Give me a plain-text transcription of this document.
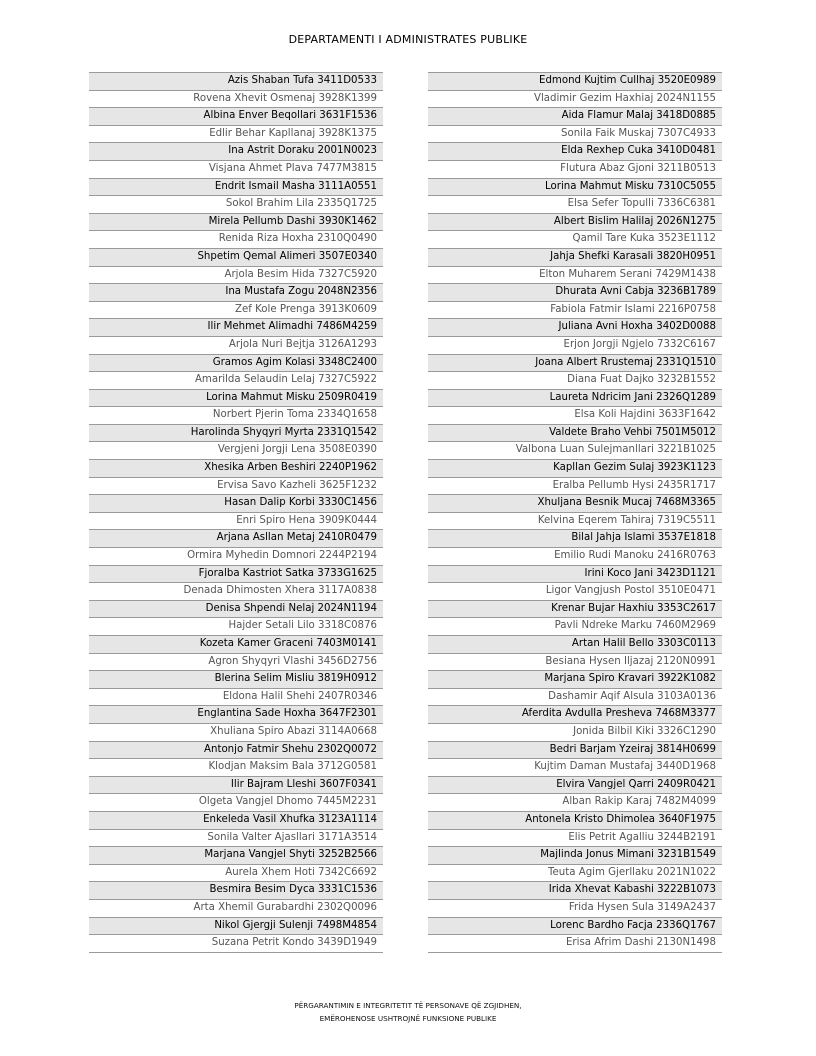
DEPARTAMENTI I ADMINISTRATES PUBLIKE
Azis Shaban Tufa 3411D0533
Rovena Xhevit Osmenaj 3928K1399
Albina Enver Beqollari 3631F1536
Edlir Behar Kapllanaj 3928K1375
Ina Astrit Doraku 2001N0023
Visjana Ahmet Plava 7477M3815
Endrit Ismail Masha 3111A0551
Sokol Brahim Lila 2335Q1725
Mirela Pellumb Dashi 3930K1462
Renida Riza Hoxha 2310Q0490
Shpetim Qemal Alimeri 3507E0340
Arjola Besim Hida 7327C5920
Ina Mustafa Zogu 2048N2356
Zef Kole Prenga 3913K0609
Ilir Mehmet Alimadhi 7486M4259
Arjola Nuri Bejtja 3126A1293
Gramos Agim Kolasi 3348C2400
Amarilda Selaudin Lelaj 7327C5922
Lorina Mahmut Misku 2509R0419
Norbert Pjerin Toma 2334Q1658
Harolinda Shyqyri Myrta 2331Q1542
Vergjeni Jorgji Lena 3508E0390
Xhesika Arben Beshiri 2240P1962
Ervisa Savo Kazheli 3625F1232
Hasan Dalip Korbi 3330C1456
Enri Spiro Hena 3909K0444
Arjana Asllan Metaj 2410R0479
Ormira Myhedin Domnori 2244P2194
Fjoralba Kastriot Satka 3733G1625
Denada Dhimosten Xhera 3117A0838
Denisa Shpendi Nelaj 2024N1194
Hajder Setali Lilo 3318C0876
Kozeta Kamer Graceni 7403M0141
Agron Shyqyri Vlashi 3456D2756
Blerina Selim Misliu 3819H0912
Eldona Halil Shehi 2407R0346
Englantina Sade Hoxha 3647F2301
Xhuliana Spiro Abazi 3114A0668
Antonjo Fatmir Shehu 2302Q0072
Klodjan Maksim Bala 3712G0581
Ilir Bajram Lleshi 3607F0341
Olgeta Vangjel Dhomo 7445M2231
Enkeleda Vasil Xhufka 3123A1114
Sonila Valter Ajasllari 3171A3514
Marjana Vangjel Shyti 3252B2566
Aurela Xhem Hoti 7342C6692
Besmira Besim Dyca 3331C1536
Arta Xhemil Gurabardhi 2302Q0096
Nikol Gjergji Sulenji 7498M4854
Suzana Petrit Kondo 3439D1949
Edmond Kujtim Cullhaj 3520E0989
Vladimir Gezim Haxhiaj 2024N1155
Aida Flamur Malaj 3418D0885
Sonila Faik Muskaj 7307C4933
Elda Rexhep Cuka 3410D0481
Flutura Abaz Gjoni 3211B0513
Lorina Mahmut Misku 7310C5055
Elsa Sefer Topulli 7336C6381
Albert Bislim Halilaj 2026N1275
Qamil Tare Kuka 3523E1112
Jahja Shefki Karasali 3820H0951
Elton Muharem Serani 7429M1438
Dhurata Avni Cabja 3236B1789
Fabiola Fatmir Islami 2216P0758
Juliana Avni Hoxha 3402D0088
Erjon Jorgji Ngjelo 7332C6167
Joana Albert Rrustemaj 2331Q1510
Diana Fuat Dajko 3232B1552
Laureta Ndricim Jani 2326Q1289
Elsa Koli Hajdini 3633F1642
Valdete Braho Vehbi 7501M5012
Valbona Luan Sulejmanllari 3221B1025
Kapllan Gezim Sulaj 3923K1123
Eralba Pellumb Hysi 2435R1717
Xhuljana Besnik Mucaj 7468M3365
Kelvina Eqerem Tahiraj 7319C5511
Bilal Jahja Islami 3537E1818
Emilio Rudi Manoku 2416R0763
Irini Koco Jani 3423D1121
Ligor Vangjush Postol 3510E0471
Krenar Bujar Haxhiu 3353C2617
Pavli Ndreke Marku 7460M2969
Artan Halil Bello 3303C0113
Besiana Hysen Iljazaj 2120N0991
Marjana Spiro Kravari 3922K1082
Dashamir Aqif Alsula 3103A0136
Aferdita Avdulla Presheva 7468M3377
Jonida Bilbil Kiki 3326C1290
Bedri Barjam Yzeiraj 3814H0699
Kujtim Daman Mustafaj 3440D1968
Elvira Vangjel Qarri 2409R0421
Alban Rakip Karaj 7482M4099
Antonela Kristo Dhimolea 3640F1975
Elis Petrit Agalliu 3244B2191
Majlinda Jonus Mimani 3231B1549
Teuta Agim Gjerllaku 2021N1022
Irida Xhevat Kabashi 3222B1073
Frida Hysen Sula 3149A2437
Lorenc Bardho Facja 2336Q1767
Erisa Afrim Dashi 2130N1498
PËRGARANTIMIN E INTEGRITETIT TË PERSONAVE QË ZGJIDHEN,
EMËROHENOSE USHTROJNË FUNKSIONE PUBLIKE
